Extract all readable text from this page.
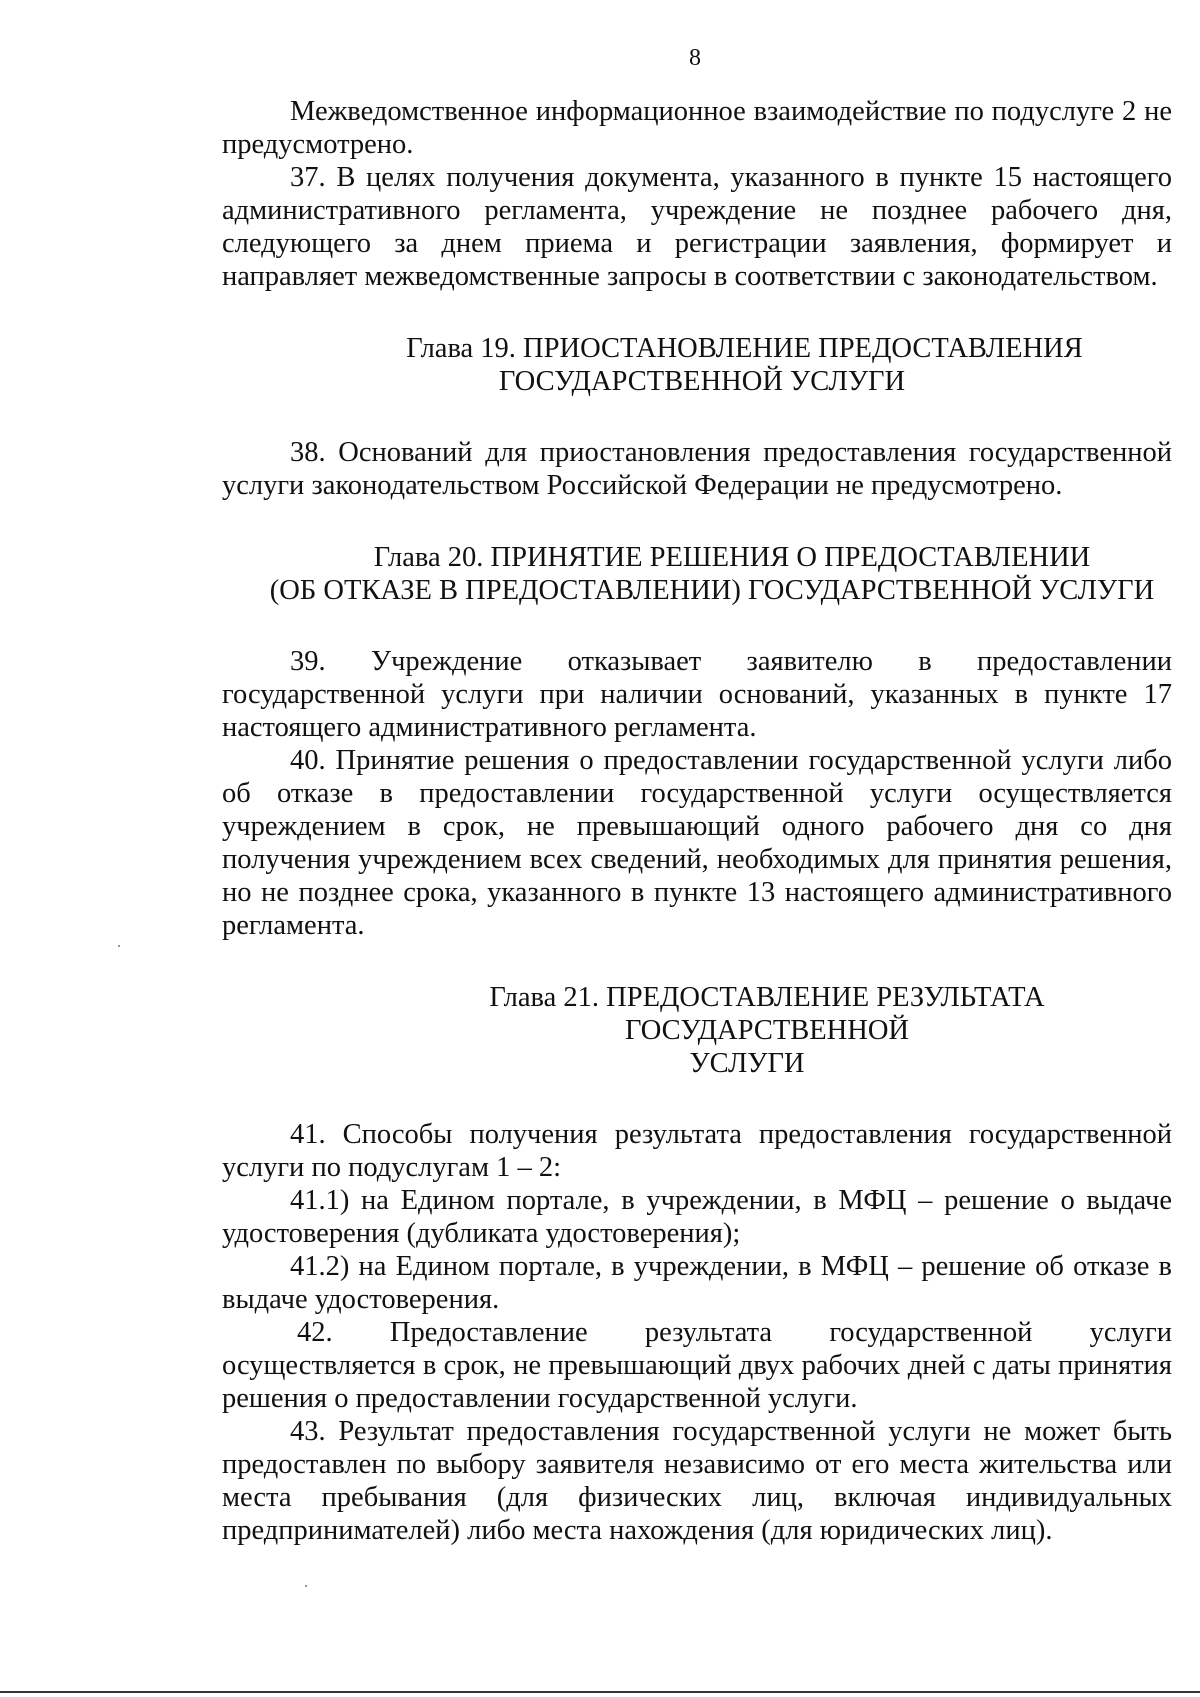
8

Межведомственное информационное взаимодействие по подуслуге 2 не предусмотрено.

37. В целях получения документа, указанного в пункте 15 настоящего административного регламента, учреждение не позднее рабочего дня, следующего за днем приема и регистрации заявления, формирует и направляет межведомственные запросы в соответствии с законодательством.

Глава 19. ПРИОСТАНОВЛЕНИЕ ПРЕДОСТАВЛЕНИЯ
ГОСУДАРСТВЕННОЙ УСЛУГИ

38. Оснований для приостановления предоставления государственной услуги законодательством Российской Федерации не предусмотрено.

Глава 20. ПРИНЯТИЕ РЕШЕНИЯ О ПРЕДОСТАВЛЕНИИ
(ОБ ОТКАЗЕ В ПРЕДОСТАВЛЕНИИ) ГОСУДАРСТВЕННОЙ УСЛУГИ

39. Учреждение отказывает заявителю в предоставлении государственной услуги при наличии оснований, указанных в пункте 17 настоящего административного регламента.

40. Принятие решения о предоставлении государственной услуги либо об отказе в предоставлении государственной услуги осуществляется учреждением в срок, не превышающий одного рабочего дня со дня получения учреждением всех сведений, необходимых для принятия решения, но не позднее срока, указанного в пункте 13 настоящего административного регламента.

Глава 21. ПРЕДОСТАВЛЕНИЕ РЕЗУЛЬТАТА ГОСУДАРСТВЕННОЙ
УСЛУГИ

41. Способы получения результата предоставления государственной услуги по подуслугам 1 – 2:

41.1) на Едином портале, в учреждении, в МФЦ – решение о выдаче удостоверения (дубликата удостоверения);

41.2) на Едином портале, в учреждении, в МФЦ – решение об отказе в выдаче удостоверения.

42. Предоставление результата государственной услуги осуществляется в срок, не превышающий двух рабочих дней с даты принятия решения о предоставлении государственной услуги.

43. Результат предоставления государственной услуги не может быть предоставлен по выбору заявителя независимо от его места жительства или места пребывания (для физических лиц, включая индивидуальных предпринимателей) либо места нахождения (для юридических лиц).
